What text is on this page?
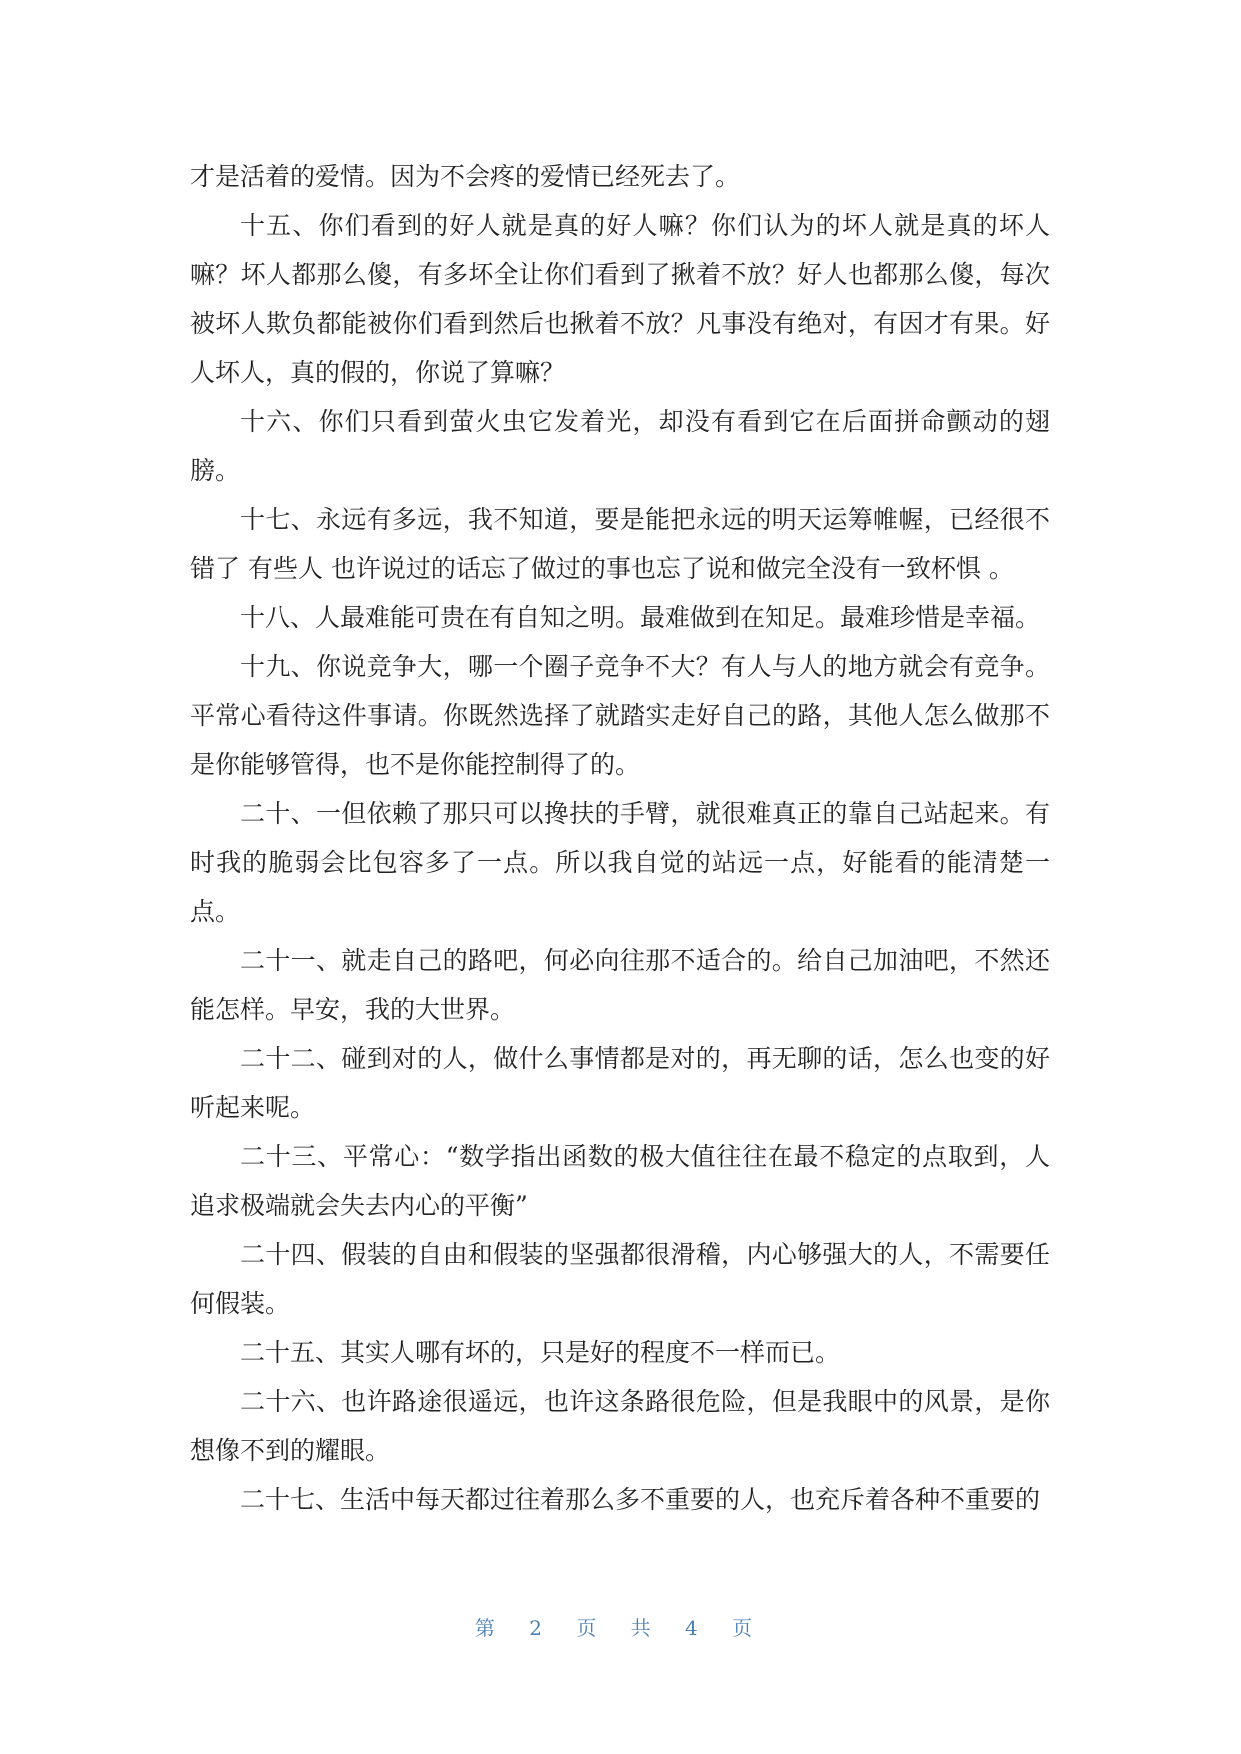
才是活着的爱情。因为不会疼的爱情已经死去了。

十五、你们看到的好人就是真的好人嘛？你们认为的坏人就是真的坏人嘛？坏人都那么傻，有多坏全让你们看到了揪着不放？好人也都那么傻，每次被坏人欺负都能被你们看到然后也揪着不放？凡事没有绝对，有因才有果。好人坏人，真的假的，你说了算嘛？

十六、你们只看到萤火虫它发着光，却没有看到它在后面拼命颤动的翅膀。

十七、永远有多远，我不知道，要是能把永远的明天运筹帷幄，已经很不错了 有些人 也许说过的话忘了做过的事也忘了说和做完全没有一致杯惧 。

十八、人最难能可贵在有自知之明。最难做到在知足。最难珍惜是幸福。

十九、你说竞争大，哪一个圈子竞争不大？有人与人的地方就会有竞争。平常心看待这件事请。你既然选择了就踏实走好自己的路，其他人怎么做那不是你能够管得，也不是你能控制得了的。

二十、一但依赖了那只可以搀扶的手臂，就很难真正的靠自己站起来。有时我的脆弱会比包容多了一点。所以我自觉的站远一点，好能看的能清楚一点。

二十一、就走自己的路吧，何必向往那不适合的。给自己加油吧，不然还能怎样。早安，我的大世界。

二十二、碰到对的人，做什么事情都是对的，再无聊的话，怎么也变的好听起来呢。

二十三、平常心：“数学指出函数的极大值往往在最不稳定的点取到，人追求极端就会失去内心的平衡”

二十四、假装的自由和假装的坚强都很滑稽，内心够强大的人，不需要任何假装。

二十五、其实人哪有坏的，只是好的程度不一样而已。

二十六、也许路途很遥远，也许这条路很危险，但是我眼中的风景，是你想像不到的耀眼。

二十七、生活中每天都过往着那么多不重要的人，也充斥着各种不重要的

第 2 页 共 4 页
